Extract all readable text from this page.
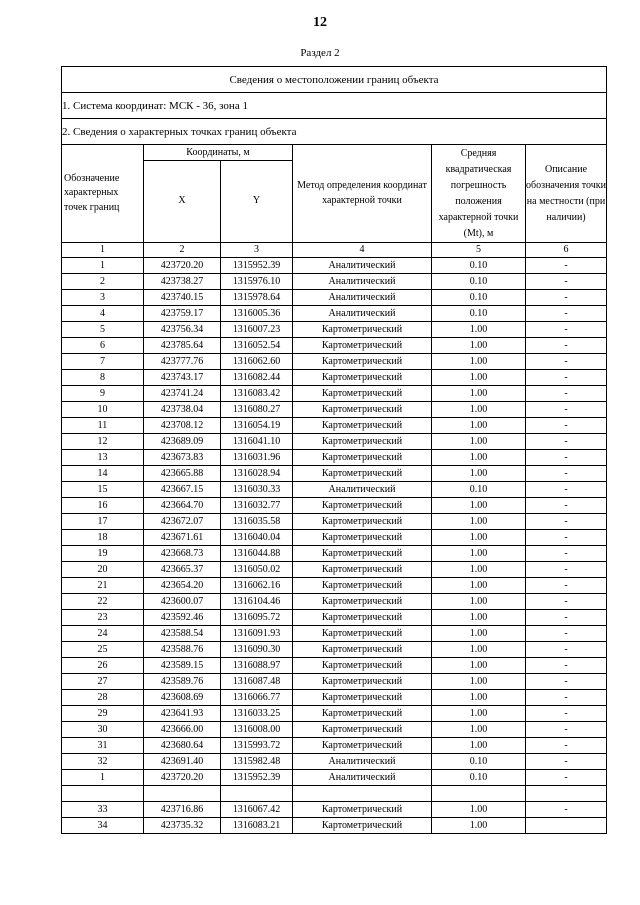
12
Раздел 2
Сведения о местоположении границ объекта					
1. Система координат: МСК - 36, зона 1					
2. Сведения о характерных точках границ объекта					
Обозначение характерных точек границ	Координаты, м		Метод определения координат характерной точки	Средняя квадратическая погрешность положения характерной точки (Mt), м	Описание обозначения точки на местности (при наличии)
	X	Y			
1	2	3	4	5	6
1	423720.20	1315952.39	Аналитический	0.10	-
2	423738.27	1315976.10	Аналитический	0.10	-
3	423740.15	1315978.64	Аналитический	0.10	-
4	423759.17	1316005.36	Аналитический	0.10	-
5	423756.34	1316007.23	Картометрический	1.00	-
6	423785.64	1316052.54	Картометрический	1.00	-
7	423777.76	1316062.60	Картометрический	1.00	-
8	423743.17	1316082.44	Картометрический	1.00	-
9	423741.24	1316083.42	Картометрический	1.00	-
10	423738.04	1316080.27	Картометрический	1.00	-
11	423708.12	1316054.19	Картометрический	1.00	-
12	423689.09	1316041.10	Картометрический	1.00	-
13	423673.83	1316031.96	Картометрический	1.00	-
14	423665.88	1316028.94	Картометрический	1.00	-
15	423667.15	1316030.33	Аналитический	0.10	-
16	423664.70	1316032.77	Картометрический	1.00	-
17	423672.07	1316035.58	Картометрический	1.00	-
18	423671.61	1316040.04	Картометрический	1.00	-
19	423668.73	1316044.88	Картометрический	1.00	-
20	423665.37	1316050.02	Картометрический	1.00	-
21	423654.20	1316062.16	Картометрический	1.00	-
22	423600.07	1316104.46	Картометрический	1.00	-
23	423592.46	1316095.72	Картометрический	1.00	-
24	423588.54	1316091.93	Картометрический	1.00	-
25	423588.76	1316090.30	Картометрический	1.00	-
26	423589.15	1316088.97	Картометрический	1.00	-
27	423589.76	1316087.48	Картометрический	1.00	-
28	423608.69	1316066.77	Картометрический	1.00	-
29	423641.93	1316033.25	Картометрический	1.00	-
30	423666.00	1316008.00	Картометрический	1.00	-
31	423680.64	1315993.72	Картометрический	1.00	-
32	423691.40	1315982.48	Аналитический	0.10	-
1	423720.20	1315952.39	Аналитический	0.10	-

33	423716.86	1316067.42	Картометрический	1.00	-
34	423735.32	1316083.21	Картометрический	1.00	
